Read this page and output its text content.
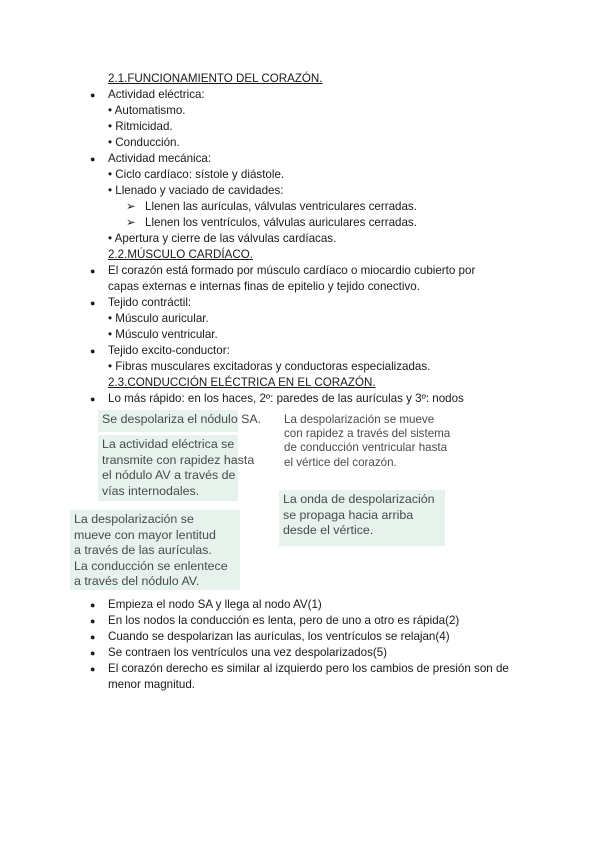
2.1.FUNCIONAMIENTO DEL CORAZÓN.
● Actividad eléctrica:
• Automatismo.
• Ritmicidad.
• Conducción.
● Actividad mecánica:
• Ciclo cardíaco: sístole y diástole.
• Llenado y vaciado de cavidades:
➢ Llenen las aurículas, válvulas ventriculares cerradas.
➢ Llenen los ventrículos, válvulas auriculares cerradas.
• Apertura y cierre de las válvulas cardíacas.
2.2.MÚSCULO CARDÍACO.
● El corazón está formado por músculo cardíaco o miocardio cubierto por
capas externas e internas finas de epitelio y tejido conectivo.
● Tejido contráctil:
• Músculo auricular.
• Músculo ventricular.
● Tejido excito-conductor:
• Fibras musculares excitadoras y conductoras especializadas.
2.3.CONDUCCIÓN ELÉCTRICA EN EL CORAZÓN.
● Lo más rápido: en los haces, 2º: paredes de las aurículas y 3º: nodos
Se despolariza el nódulo SA.
La actividad eléctrica se
transmite con rapidez hasta
el nódulo AV a través de
vías internodales.
La despolarización se
mueve con mayor lentitud
a través de las aurículas.
La conducción se enlentece
a través del nódulo AV.
La despolarización se mueve
con rapidez a través del sistema
de conducción ventricular hasta
el vértice del corazón.
La onda de despolarización
se propaga hacia arriba
desde el vértice.
● Empieza el nodo SA y llega al nodo AV(1)
● En los nodos la conducción es lenta, pero de uno a otro es rápida(2)
● Cuando se despolarizan las aurículas, los ventrículos se relajan(4)
● Se contraen los ventrículos una vez despolarizados(5)
● El corazón derecho es similar al izquierdo pero los cambios de presión son de
menor magnitud.
